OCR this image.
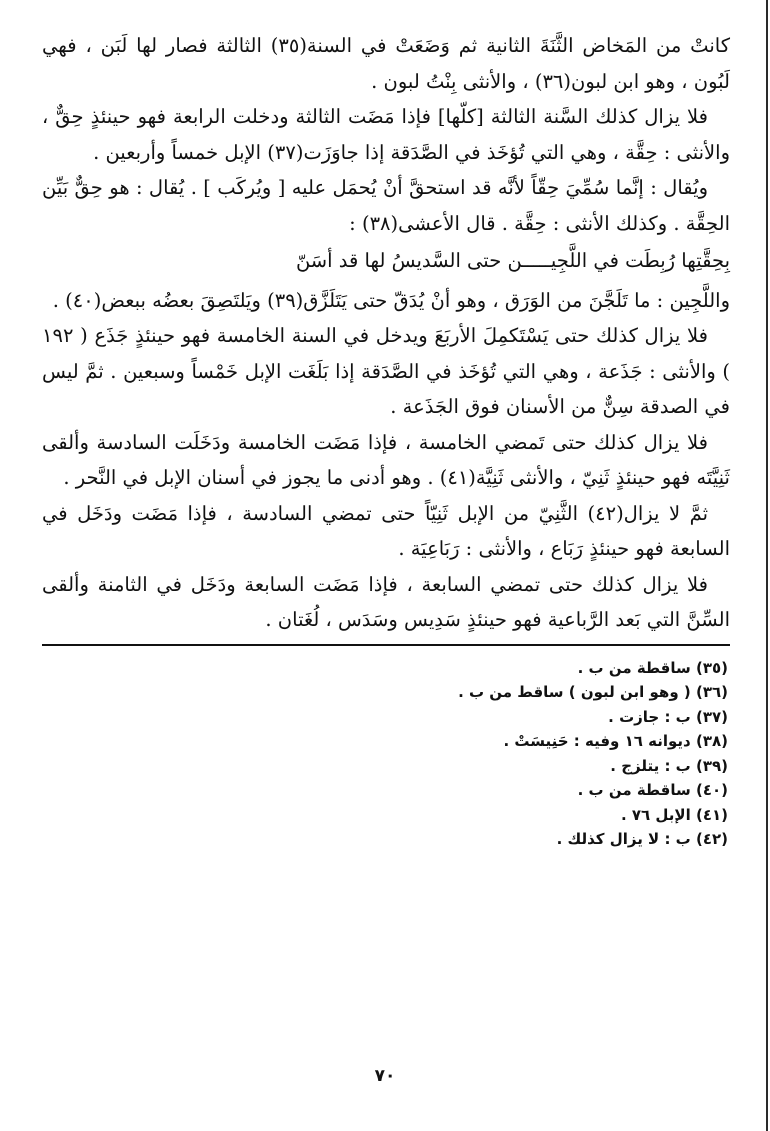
كانتْ من المَخاض الثَّنَةَ الثانية ثم وَضَعَتْ في السنة(٣٥) الثالثة فصار لها لَبَن ، فهي لَبُون ، وهو ابن لبون(٣٦) ، والأنثى بِنْتُ لبون .

فلا يزال كذلك السَّنة الثالثة [كلّها] فإذا مَضَت الثالثة ودخلت الرابعة فهو حينئذٍ حِقٌّ ، والأنثى : حِقَّة ، وهي التي تُؤخَذ في الصَّدَقة إذا جاوَزَت(٣٧) الإبل خمساً وأربعين .

ويُقال : إنَّما سُمِّيَ حِقّاً لأنَّه قد استحقَّ أنْ يُحمَل عليه [ ويُركَب ] . يُقال : هو حِقٌّ بَيِّن الحِقَّة . وكذلك الأنثى : حِقَّة . قال الأعشى(٣٨) :

بِحِقَّتِها رُبِطَت في اللَّجِيـــــن حتى السَّديسُ لها قد أسَنّ

واللَّجِين : ما تَلَجَّنَ من الوَرَق ، وهو أنْ يُدَقّ حتى يَتَلَزَّق(٣٩) ويَلتَصِقَ بعضُه ببعض(٤٠) .

فلا يزال كذلك حتى يَسْتَكمِلَ الأربَعَ ويدخل في السنة الخامسة فهو حينئذٍ جَذَع ( ١٩٢ ) والأنثى : جَذَعة ، وهي التي تُؤخَذ في الصَّدَقة إذا بَلَغَت الإبل خَمْساً وسبعين . ثمَّ ليس في الصدقة سِنٌّ من الأسنان فوق الجَذَعة .

فلا يزال كذلك حتى تَمضي الخامسة ، فإذا مَضَت الخامسة ودَخَلَت السادسة وألقى ثَنِيَّتَه فهو حينئذٍ ثَنِيّ ، والأنثى ثَنِيَّة(٤١) . وهو أدنى ما يجوز في أسنان الإبل في النَّحر .

ثمَّ لا يزال(٤٢) الثَّنِيّ من الإبل ثَنِيّاً حتى تمضي السادسة ، فإذا مَضَت ودَخَل في السابعة فهو حينئذٍ رَبَاع ، والأنثى : رَبَاعِيَة .

فلا يزال كذلك حتى تمضي السابعة ، فإذا مَضَت السابعة ودَخَل في الثامنة وألقى السِّنَّ التي بَعد الرَّباعية فهو حينئذٍ سَدِيس وسَدَس ، لُغَتان .

(٣٥) ساقطة من ب .
(٣٦) ( وهو ابن لبون ) ساقط من ب .
(٣٧) ب : جازت .
(٣٨) ديوانه ١٦ وفيه : حَنِيسَتْ .
(٣٩) ب : يتلزج .
(٤٠) ساقطة من ب .
(٤١) الإبل ٧٦ .
(٤٢) ب : لا يزال كذلك .
٧٠
